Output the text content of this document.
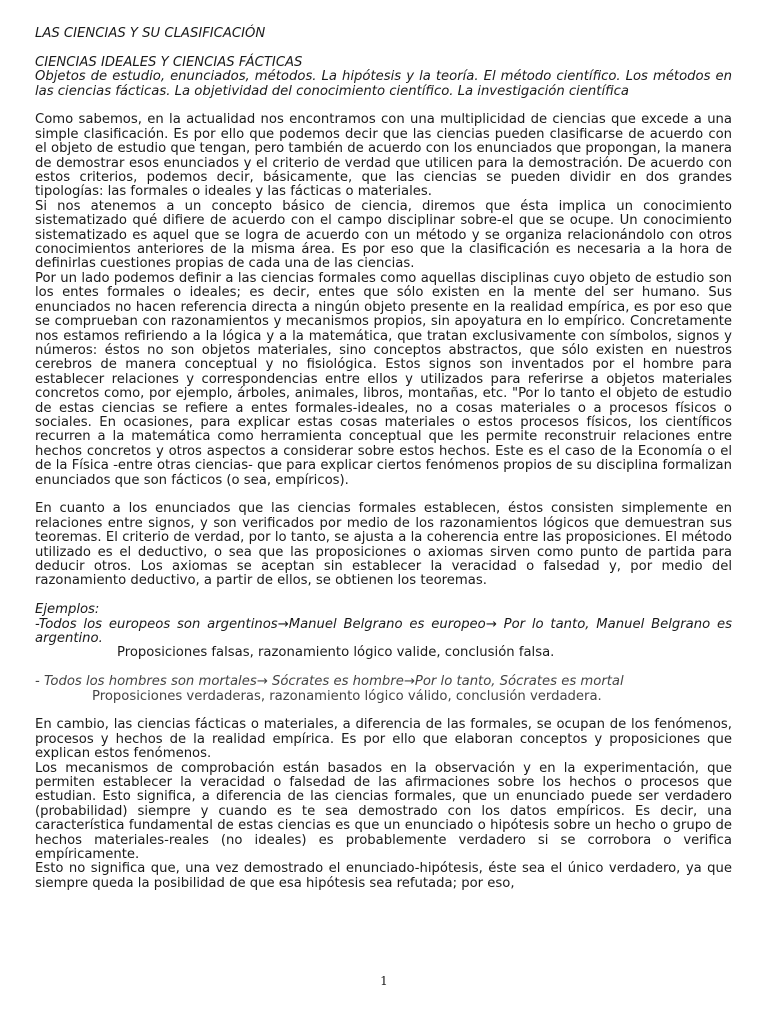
LAS CIENCIAS Y SU CLASIFICACIÓN

CIENCIAS IDEALES Y CIENCIAS FÁCTICAS

Objetos de estudio, enunciados, métodos. La hipótesis y la teoría. El método científico. Los métodos en las ciencias fácticas. La objetividad del conocimiento científico. La investigación científica

Como sabemos, en la actualidad nos encontramos con una multiplicidad de ciencias que excede a una simple clasificación. Es por ello que podemos decir que las ciencias pueden clasificarse de acuerdo con el objeto de estudio que tengan, pero también de acuerdo con los enunciados que propongan, la manera de demostrar esos enunciados y el criterio de verdad que utilicen para la demostración. De acuerdo con estos criterios, podemos decir, básicamente, que las ciencias se pueden dividir en dos grandes tipologías: las formales o ideales y las fácticas o materiales.

Si nos atenemos a un concepto básico de ciencia, diremos que ésta implica un conocimiento sistematizado qué difiere de acuerdo con el campo disciplinar sobre-el que se ocupe. Un conocimiento sistematizado es aquel que se logra de acuerdo con un método y se organiza relacionándolo con otros conocimientos anteriores de la misma área. Es por eso que la clasificación es necesaria a la hora de definirlas cuestiones propias de cada una de las ciencias.

Por un lado podemos definir a las ciencias formales como aquellas disciplinas cuyo objeto de estudio son los entes formales o ideales; es decir, entes que sólo existen en la mente del ser humano. Sus enunciados no hacen referencia directa a ningún objeto presente en la realidad empírica, es por eso que se comprueban con razonamientos y mecanismos propios, sin apoyatura en lo empírico. Concretamente nos estamos refiriendo a la lógica y a la matemática, que tratan exclusivamente con símbolos, signos y números: éstos no son objetos materiales, sino conceptos abstractos, que sólo existen en nuestros cerebros de manera conceptual y no fisiológica. Estos signos son inventados por el hombre para establecer relaciones y correspondencias entre ellos y utilizados para referirse a objetos materiales concretos como, por ejemplo, árboles, animales, libros, montañas, etc. "Por lo tanto el objeto de estudio de estas ciencias se refiere a entes formales-ideales, no a cosas materiales o a procesos físicos o sociales. En ocasiones, para explicar estas cosas materiales o estos procesos físicos, los científicos recurren a la matemática como herramienta conceptual que les permite reconstruir relaciones entre hechos concretos y otros aspectos a considerar sobre estos hechos. Este es el caso de la Economía o el de la Física -entre otras ciencias- que para explicar ciertos fenómenos propios de su disciplina formalizan enunciados que son fácticos (o sea, empíricos).

En cuanto a los enunciados que las ciencias formales establecen, éstos consisten simplemente en relaciones entre signos, y son verificados por medio de los razonamientos lógicos que demuestran sus teoremas. El criterio de verdad, por lo tanto, se ajusta a la coherencia entre las proposiciones. El método utilizado es el deductivo, o sea que las proposiciones o axiomas sirven como punto de partida para deducir otros. Los axiomas se aceptan sin establecer la veracidad o falsedad y, por medio del razonamiento deductivo, a partir de ellos, se obtienen los teoremas.

Ejemplos:

-Todos los europeos son argentinos→Manuel Belgrano es europeo→ Por lo tanto, Manuel Belgrano es argentino.

Proposiciones falsas, razonamiento lógico valide, conclusión falsa.

- Todos los hombres son mortales→ Sócrates es hombre→Por lo tanto, Sócrates es mortal

Proposiciones verdaderas, razonamiento lógico válido, conclusión verdadera.

En cambio, las ciencias fácticas o materiales, a diferencia de las formales, se ocupan de los fenómenos, procesos y hechos de la realidad empírica. Es por ello que elaboran conceptos y proposiciones que explican estos fenómenos.

Los mecanismos de comprobación están basados en la observación y en la experimentación, que permiten establecer la veracidad o falsedad de las afirmaciones sobre los hechos o procesos que estudian. Esto significa, a diferencia de las ciencias formales, que un enunciado puede ser verdadero (probabilidad) siempre y cuando es te sea demostrado con los datos empíricos. Es decir, una característica fundamental de estas ciencias es que un enunciado o hipótesis sobre un hecho o grupo de hechos materiales-reales (no ideales) es probablemente verdadero si se corrobora o verifica empíricamente.

Esto no significa que, una vez demostrado el enunciado-hipótesis, éste sea el único verdadero, ya que siempre queda la posibilidad de que esa hipótesis sea refutada; por eso,

1
